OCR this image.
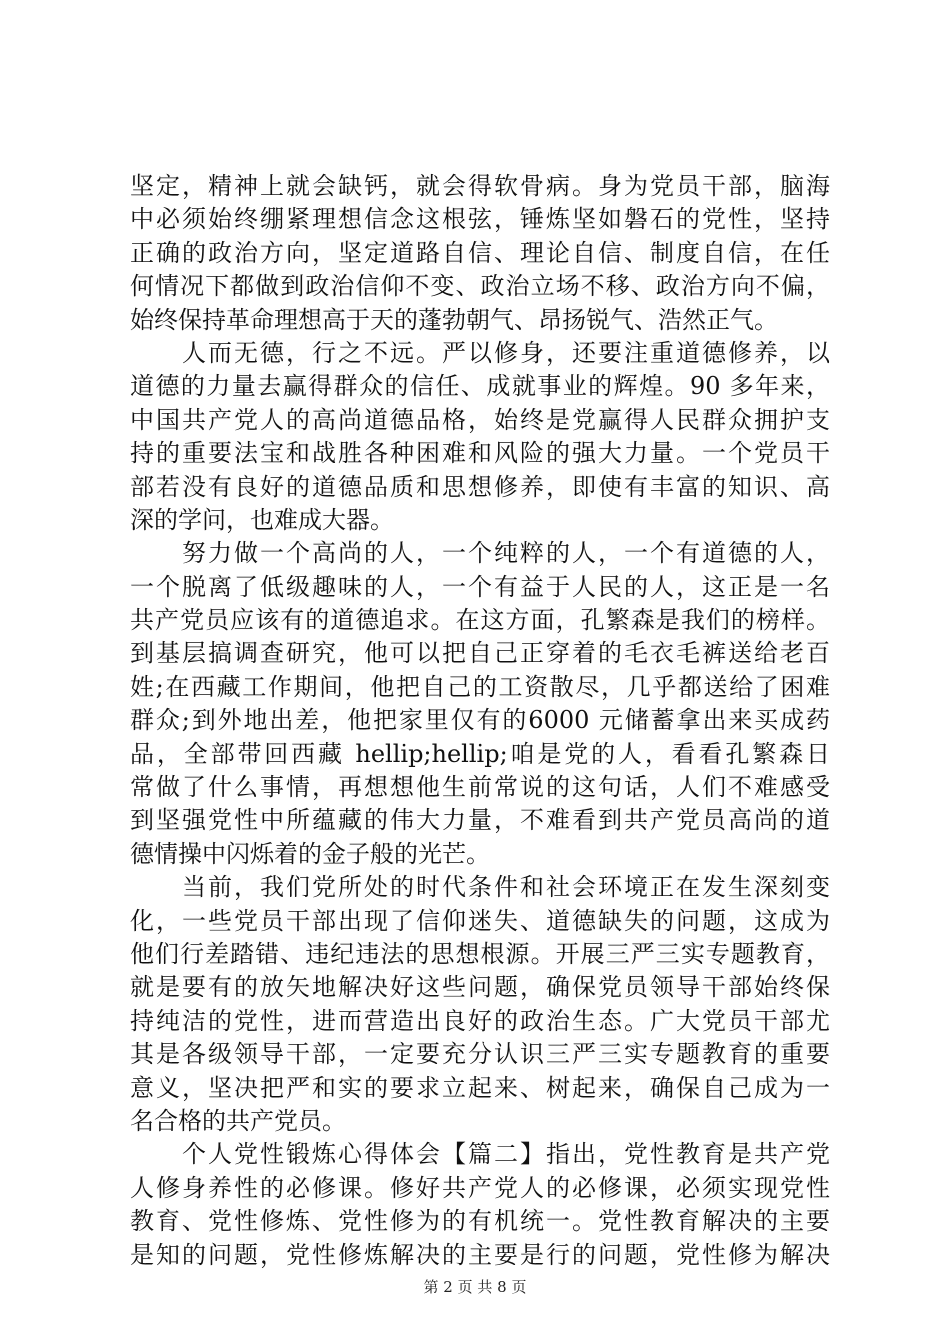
坚定，精神上就会缺钙，就会得软骨病。身为党员干部，脑海
中必须始终绷紧理想信念这根弦，锤炼坚如磐石的党性，坚持
正确的政治方向，坚定道路自信、理论自信、制度自信，在任
何情况下都做到政治信仰不变、政治立场不移、政治方向不偏，
始终保持革命理想高于天的蓬勃朝气、昂扬锐气、浩然正气。
人而无德，行之不远。严以修身，还要注重道德修养，以
道德的力量去赢得群众的信任、成就事业的辉煌。90 多年来，
中国共产党人的高尚道德品格，始终是党赢得人民群众拥护支
持的重要法宝和战胜各种困难和风险的强大力量。一个党员干
部若没有良好的道德品质和思想修养，即使有丰富的知识、高
深的学问，也难成大器。
努力做一个高尚的人，一个纯粹的人，一个有道德的人，
一个脱离了低级趣味的人，一个有益于人民的人，这正是一名
共产党员应该有的道德追求。在这方面，孔繁森是我们的榜样。
到基层搞调查研究，他可以把自己正穿着的毛衣毛裤送给老百
姓;在西藏工作期间，他把自己的工资散尽，几乎都送给了困难
群众;到外地出差，他把家里仅有的6000 元储蓄拿出来买成药
品，全部带回西藏 hellip;hellip;咱是党的人，看看孔繁森日
常做了什么事情，再想想他生前常说的这句话，人们不难感受
到坚强党性中所蕴藏的伟大力量，不难看到共产党员高尚的道
德情操中闪烁着的金子般的光芒。
当前，我们党所处的时代条件和社会环境正在发生深刻变
化，一些党员干部出现了信仰迷失、道德缺失的问题，这成为
他们行差踏错、违纪违法的思想根源。开展三严三实专题教育，
就是要有的放矢地解决好这些问题，确保党员领导干部始终保
持纯洁的党性，进而营造出良好的政治生态。广大党员干部尤
其是各级领导干部，一定要充分认识三严三实专题教育的重要
意义，坚决把严和实的要求立起来、树起来，确保自己成为一
名合格的共产党员。
个人党性锻炼心得体会【篇二】指出，党性教育是共产党
人修身养性的必修课。修好共产党人的必修课，必须实现党性
教育、党性修炼、党性修为的有机统一。党性教育解决的主要
是知的问题，党性修炼解决的主要是行的问题，党性修为解决
第 2 页 共 8 页
